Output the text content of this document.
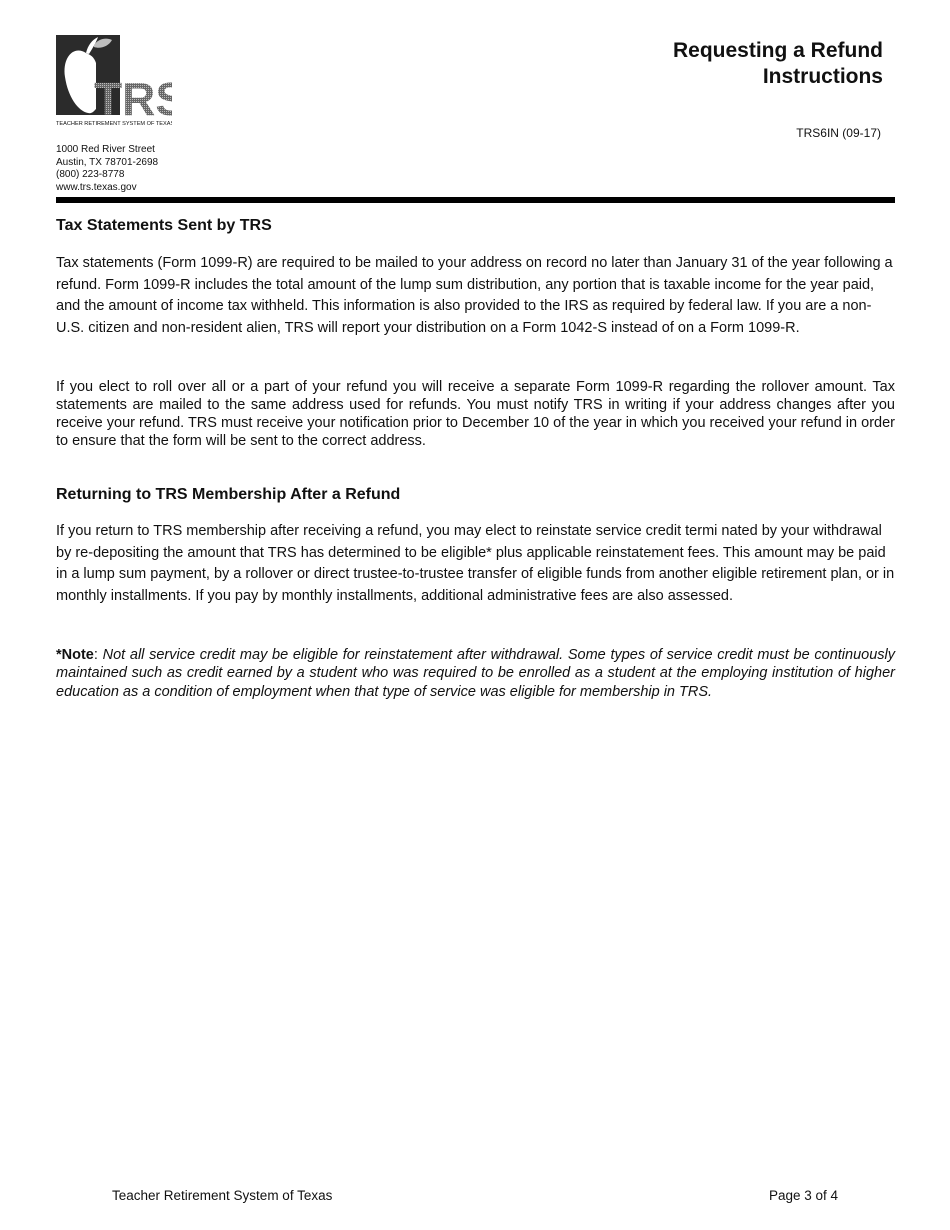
TRS
TEACHER RETIREMENT SYSTEM OF TEXAS
1000 Red River Street
Austin, TX 78701-2698
(800) 223-8778
www.trs.texas.gov
Requesting a Refund
Instructions
TRS6IN (09-17)
Tax Statements Sent by TRS
Tax statements (Form 1099-R) are required to be mailed to your address on record no later than January 31 of the year following a refund. Form 1099-R includes the total amount of the lump sum distribution, any portion that is taxable income for the year paid, and the amount of income tax withheld. This information is also provided to the IRS as required by federal law. If you are a non-U.S. citizen and non-resident alien, TRS will report your distribution on a Form 1042-S instead of on a Form 1099-R.
If you elect to roll over all or a part of your refund you will receive a separate Form 1099-R regarding the rollover amount. Tax statements are mailed to the same address used for refunds. You must notify TRS in writing if your address changes after you receive your refund. TRS must receive your notification prior to December 10 of the year in which you received your refund in order to ensure that the form will be sent to the correct address.
Returning to TRS Membership After a Refund
If you return to TRS membership after receiving a refund, you may elect to reinstate service credit termi nated by your withdrawal by re-depositing the amount that TRS has determined to be eligible* plus applicable reinstatement fees. This amount may be paid in a lump sum payment, by a rollover or direct trustee-to-trustee transfer of eligible funds from another eligible retirement plan, or in monthly installments. If you pay by monthly installments, additional administrative fees are also assessed.
*Note: Not all service credit may be eligible for reinstatement after withdrawal. Some types of service credit must be continuously maintained such as credit earned by a student who was required to be enrolled as a student at the employing institution of higher education as a condition of employment when that type of service was eligible for membership in TRS.
Teacher Retirement System of Texas	Page 3 of 4
